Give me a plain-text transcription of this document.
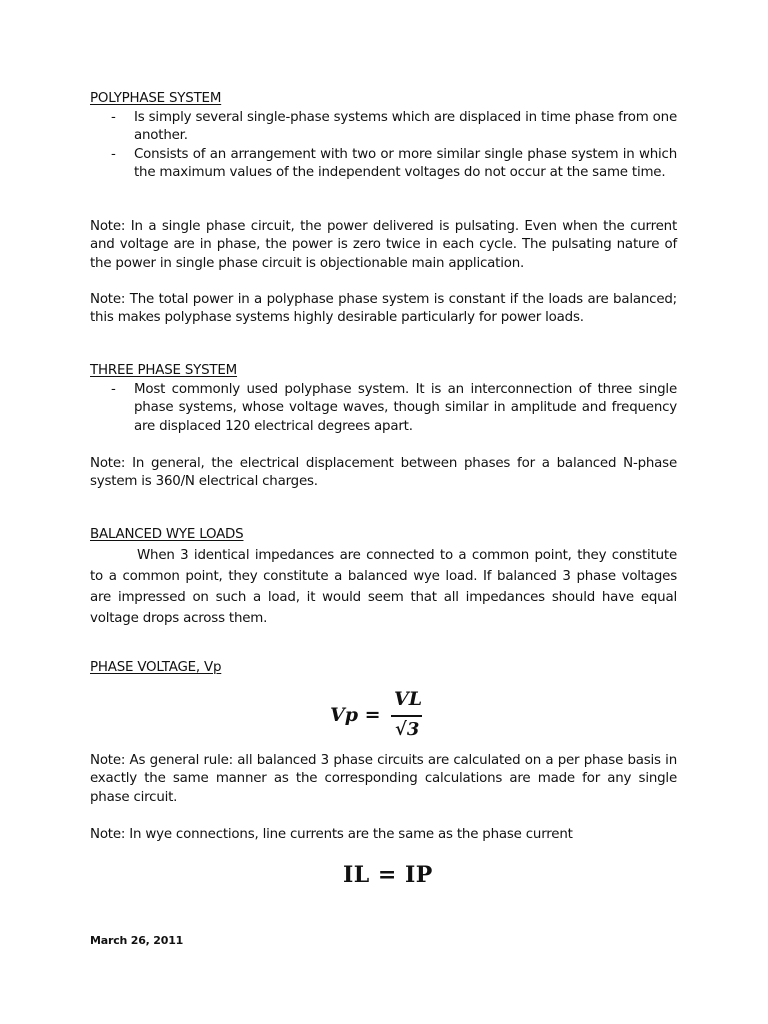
POLYPHASE SYSTEM
- Is simply several single-phase systems which are displaced in time phase from one another.
- Consists of an arrangement with two or more similar single phase system in which the maximum values of the independent voltages do not occur at the same time.
Note: In a single phase circuit, the power delivered is pulsating. Even when the current and voltage are in phase, the power is zero twice in each cycle. The pulsating nature of the power in single phase circuit is objectionable main application.
Note: The total power in a polyphase phase system is constant if the loads are balanced; this makes polyphase systems highly desirable particularly for power loads.
THREE PHASE SYSTEM
- Most commonly used polyphase system. It is an interconnection of three single phase systems, whose voltage waves, though similar in amplitude and frequency are displaced 120 electrical degrees apart.
Note: In general, the electrical displacement between phases for a balanced N-phase system is 360/N electrical charges.
BALANCED WYE LOADS
When 3 identical impedances are connected to a common point, they constitute to a common point, they constitute a balanced wye load. If balanced 3 phase voltages are impressed on such a load, it would seem that all impedances should have equal voltage drops across them.
PHASE VOLTAGE, Vp
Vp =
VL
√3
Note: As general rule: all balanced 3 phase circuits are calculated on a per phase basis in exactly the same manner as the corresponding calculations are made for any single phase circuit.
Note: In wye connections, line currents are the same as the phase current
IL = IP
March 26, 2011
